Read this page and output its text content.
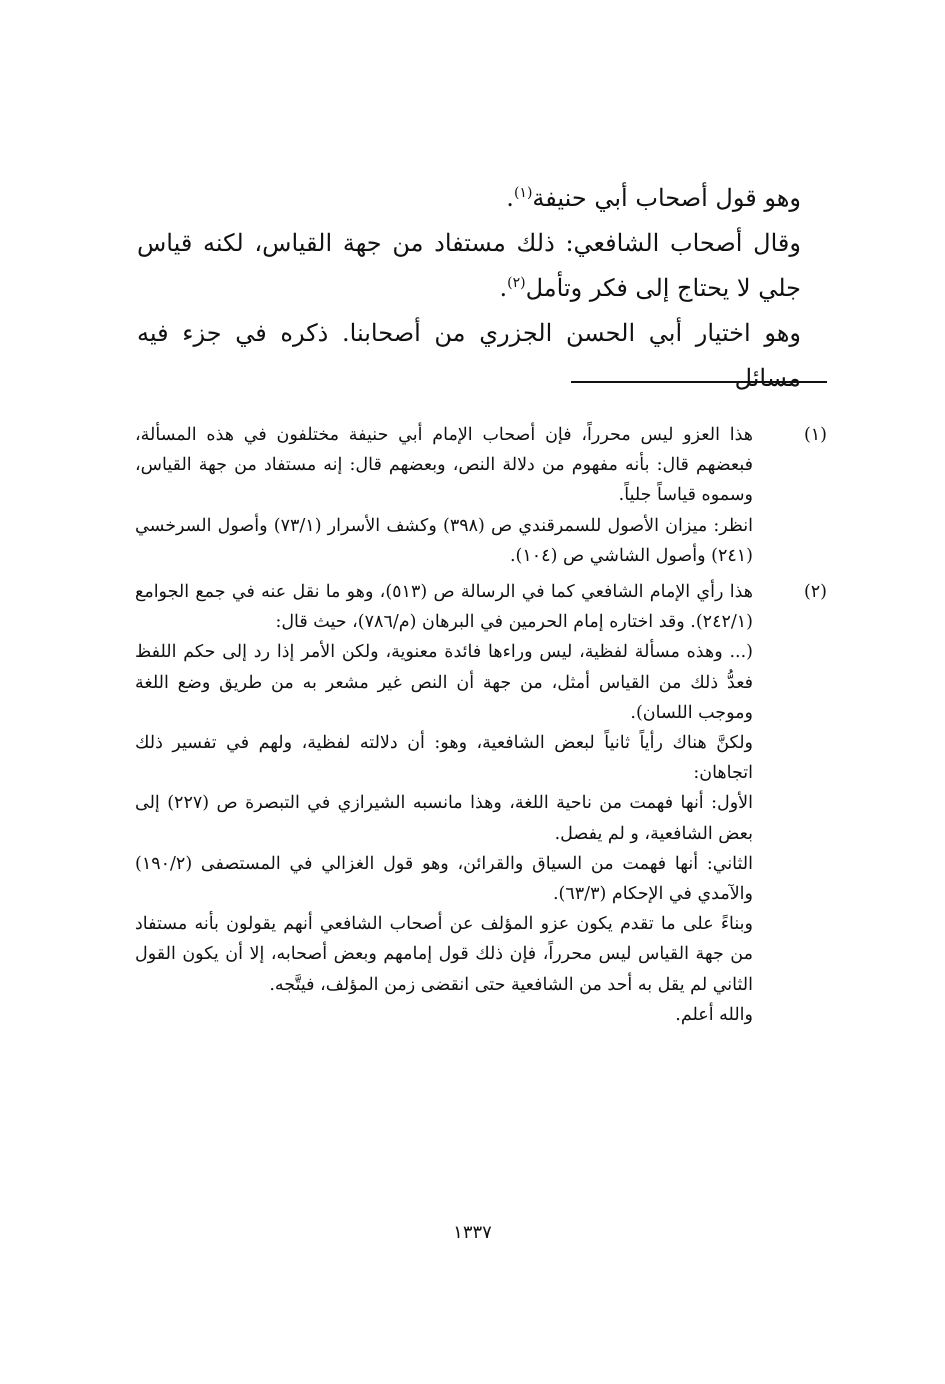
وهو قول أصحاب أبي حنيفة$^{(١)}$.

وقال أصحاب الشافعي: ذلك مستفاد من جهة القياس، لكنه قياس جلي لا يحتاج إلى فكر وتأمل$^{(٢)}$.

وهو اختيار أبي الحسن الجزري من أصحابنا. ذكره في جزء فيه مسائل

(١)

هذا العزو ليس محرراً، فإن أصحاب الإمام أبي حنيفة مختلفون في هذه المسألة، فبعضهم قال: بأنه مفهوم من دلالة النص، وبعضهم قال: إنه مستفاد من جهة القياس، وسموه قياساً جلياً.

انظر: ميزان الأصول للسمرقندي ص (٣٩٨) وكشف الأسرار (٧٣/١) وأصول السرخسي (٢٤١) وأصول الشاشي ص (١٠٤).

(٢)

هذا رأي الإمام الشافعي كما في الرسالة ص (٥١٣)، وهو ما نقل عنه في جمع الجوامع (٢٤٢/١). وقد اختاره إمام الحرمين في البرهان (م/٧٨٦)، حيث قال:

(... وهذه مسألة لفظية، ليس وراءها فائدة معنوية، ولكن الأمر إذا رد إلى حكم اللفظ فعدُّ ذلك من القياس أمثل، من جهة أن النص غير مشعر به من طريق وضع اللغة وموجب اللسان).

ولكنَّ هناك رأياً ثانياً لبعض الشافعية، وهو: أن دلالته لفظية، ولهم في تفسير ذلك اتجاهان:

الأول: أنها فهمت من ناحية اللغة، وهذا مانسبه الشيرازي في التبصرة ص (٢٢٧) إلى بعض الشافعية، و لم يفصل.

الثاني: أنها فهمت من السياق والقرائن، وهو قول الغزالي في المستصفى (١٩٠/٢) والآمدي في الإحكام (٦٣/٣).

وبناءً على ما تقدم يكون عزو المؤلف عن أصحاب الشافعي أنهم يقولون بأنه مستفاد من جهة القياس ليس محرراً، فإن ذلك قول إمامهم وبعض أصحابه، إلا أن يكون القول الثاني لم يقل به أحد من الشافعية حتى انقضى زمن المؤلف، فيتَّجه.

والله أعلم.

١٣٣٧
